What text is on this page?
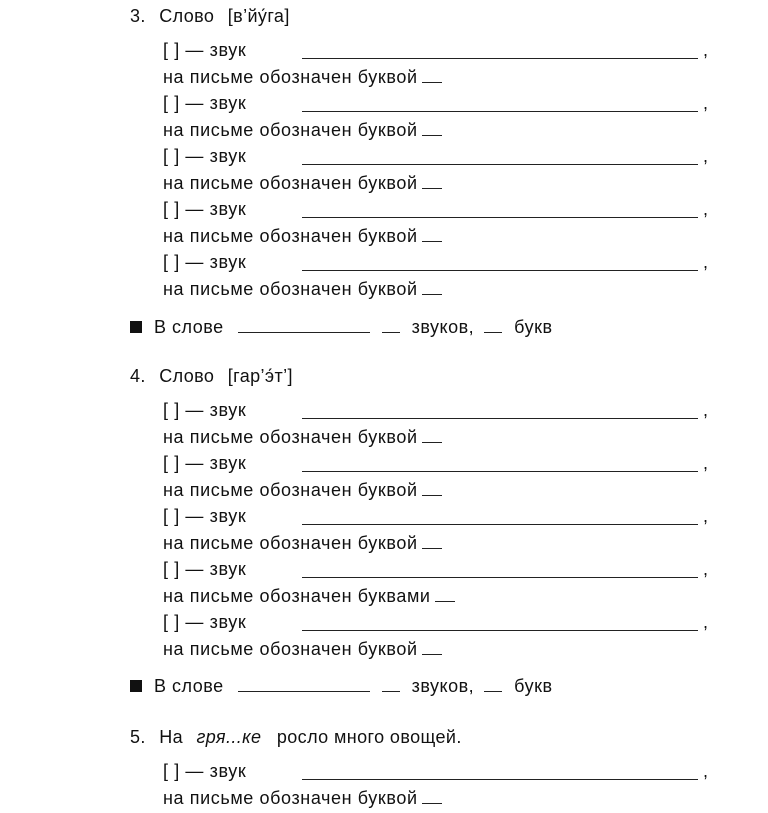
3. Слово [в’йу́га]
[ ] — звук	,
на письме обозначен буквой
[ ] — звук	,
на письме обозначен буквой
[ ] — звук	,
на письме обозначен буквой
[ ] — звук	,
на письме обозначен буквой
[ ] — звук	,
на письме обозначен буквой
В слове	звуков, букв
4. Слово [гар’э́т’]
[ ] — звук	,
на письме обозначен буквой
[ ] — звук	,
на письме обозначен буквой
[ ] — звук	,
на письме обозначен буквой
[ ] — звук	,
на письме обозначен буквами
[ ] — звук	,
на письме обозначен буквой
В слове	звуков, букв
5. На гря...ке росло много овощей.
[ ] — звук	,
на письме обозначен буквой
